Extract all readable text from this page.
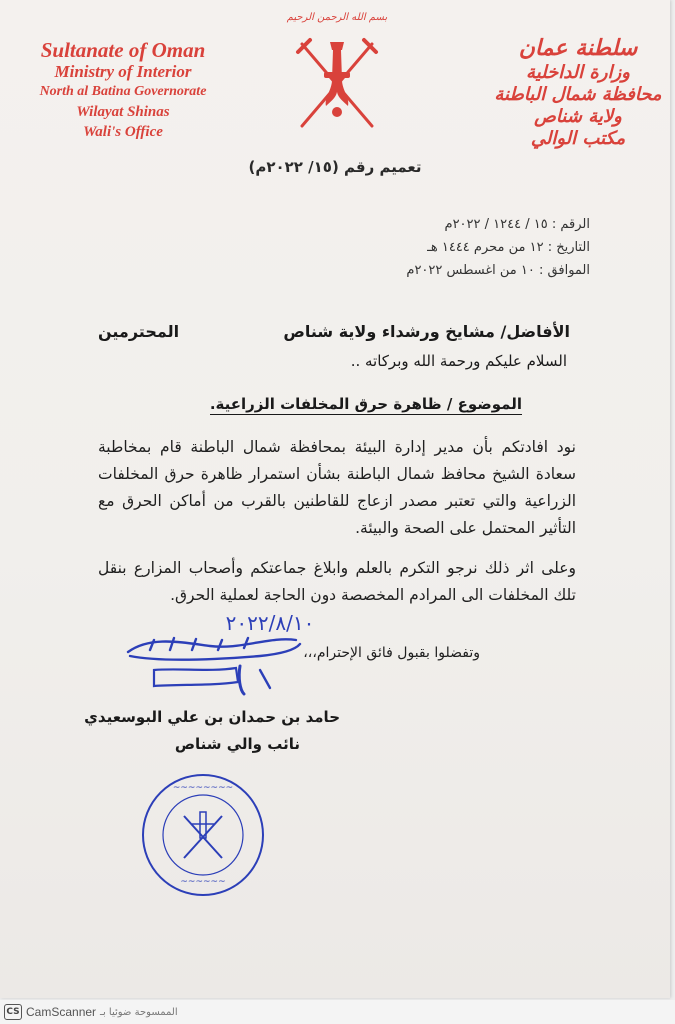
Sultanate of Oman
Ministry of Interior
North al Batina Governorate
Wilayat Shinas
Wali's Office
بسم الله الرحمن الرحيم
سلطنة عمان
وزارة الداخلية
محافظة شمال الباطنة
ولاية شناص
مكتب الوالي
تعميم رقم (١٥/ ٢٠٢٢م)
الرقم : ١٥ / ١٢٤٤ / ٢٠٢٢م
التاريخ : ١٢ من محرم ١٤٤٤ هـ
الموافق : ١٠ من اغسطس ٢٠٢٢م
الأفاضل/ مشايخ ورشداء ولاية شناص
المحترمين
السلام عليكم ورحمة الله وبركاته ..
الموضوع / ظاهرة حرق المخلفات الزراعية.
نود افادتكم بأن مدير إدارة البيئة بمحافظة شمال الباطنة قام بمخاطبة سعادة الشيخ محافظ شمال الباطنة بشأن استمرار ظاهرة حرق المخلفات الزراعية والتي تعتبر مصدر ازعاج للقاطنين بالقرب من أماكن الحرق مع التأثير المحتمل على الصحة والبيئة.
وعلى اثر ذلك نرجو التكرم بالعلم وابلاغ جماعتكم وأصحاب المزارع بنقل تلك المخلفات الى المرادم المخصصة دون الحاجة لعملية الحرق.
وتفضلوا بقبول فائق الإحترام،،،
٢٠٢٢/٨/١٠
حامد بن حمدان بن علي البوسعيدي
نائب والي شناص
~~~~~~~~
~~~~~~
CS CamScanner الممسوحة ضوئيا بـ
